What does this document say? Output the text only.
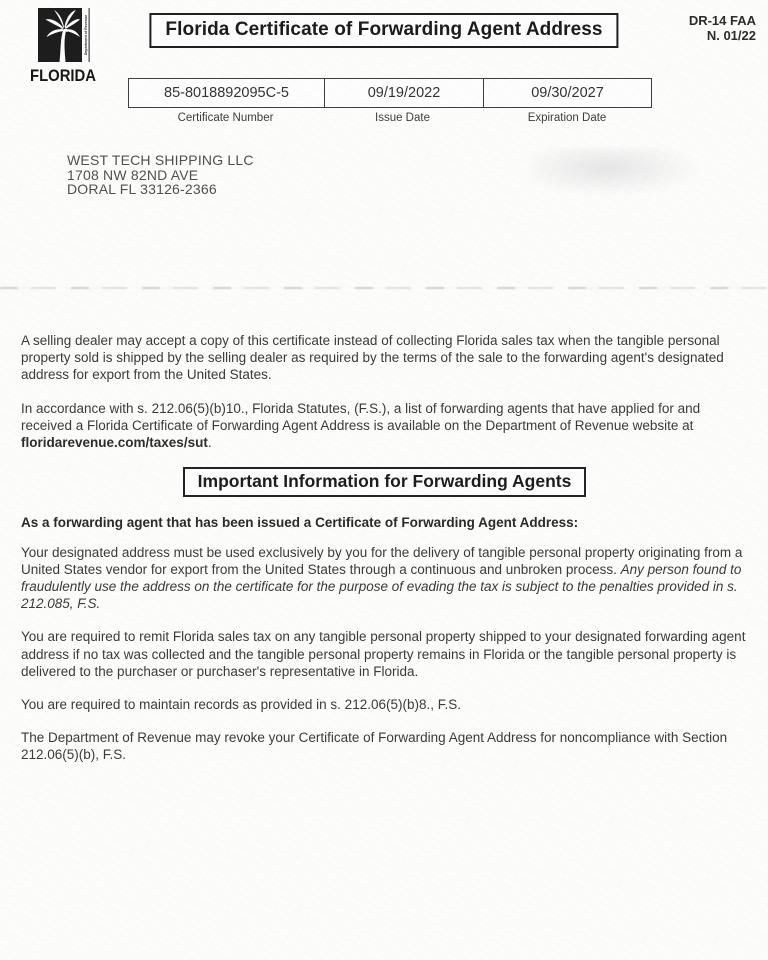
Department of Revenue
FLORIDA
Florida Certificate of Forwarding Agent Address	DR-14 FAA
N. 01/22
85-8018892095C-5	09/19/2022	09/30/2027
Certificate Number	Issue Date	Expiration Date
WEST TECH SHIPPING LLC
1708 NW 82ND AVE
DORAL FL 33126-2366

A selling dealer may accept a copy of this certificate instead of collecting Florida sales tax when the tangible personal property sold is shipped by the selling dealer as required by the terms of the sale to the forwarding agent's designated address for export from the United States.

In accordance with s. 212.06(5)(b)10., Florida Statutes, (F.S.), a list of forwarding agents that have applied for and received a Florida Certificate of Forwarding Agent Address is available on the Department of Revenue website at floridarevenue.com/taxes/sut.

Important Information for Forwarding Agents

As a forwarding agent that has been issued a Certificate of Forwarding Agent Address:

Your designated address must be used exclusively by you for the delivery of tangible personal property originating from a United States vendor for export from the United States through a continuous and unbroken process. Any person found to fraudulently use the address on the certificate for the purpose of evading the tax is subject to the penalties provided in s. 212.085, F.S.

You are required to remit Florida sales tax on any tangible personal property shipped to your designated forwarding agent address if no tax was collected and the tangible personal property remains in Florida or the tangible personal property is delivered to the purchaser or purchaser's representative in Florida.

You are required to maintain records as provided in s. 212.06(5)(b)8., F.S.

The Department of Revenue may revoke your Certificate of Forwarding Agent Address for noncompliance with Section 212.06(5)(b), F.S.
